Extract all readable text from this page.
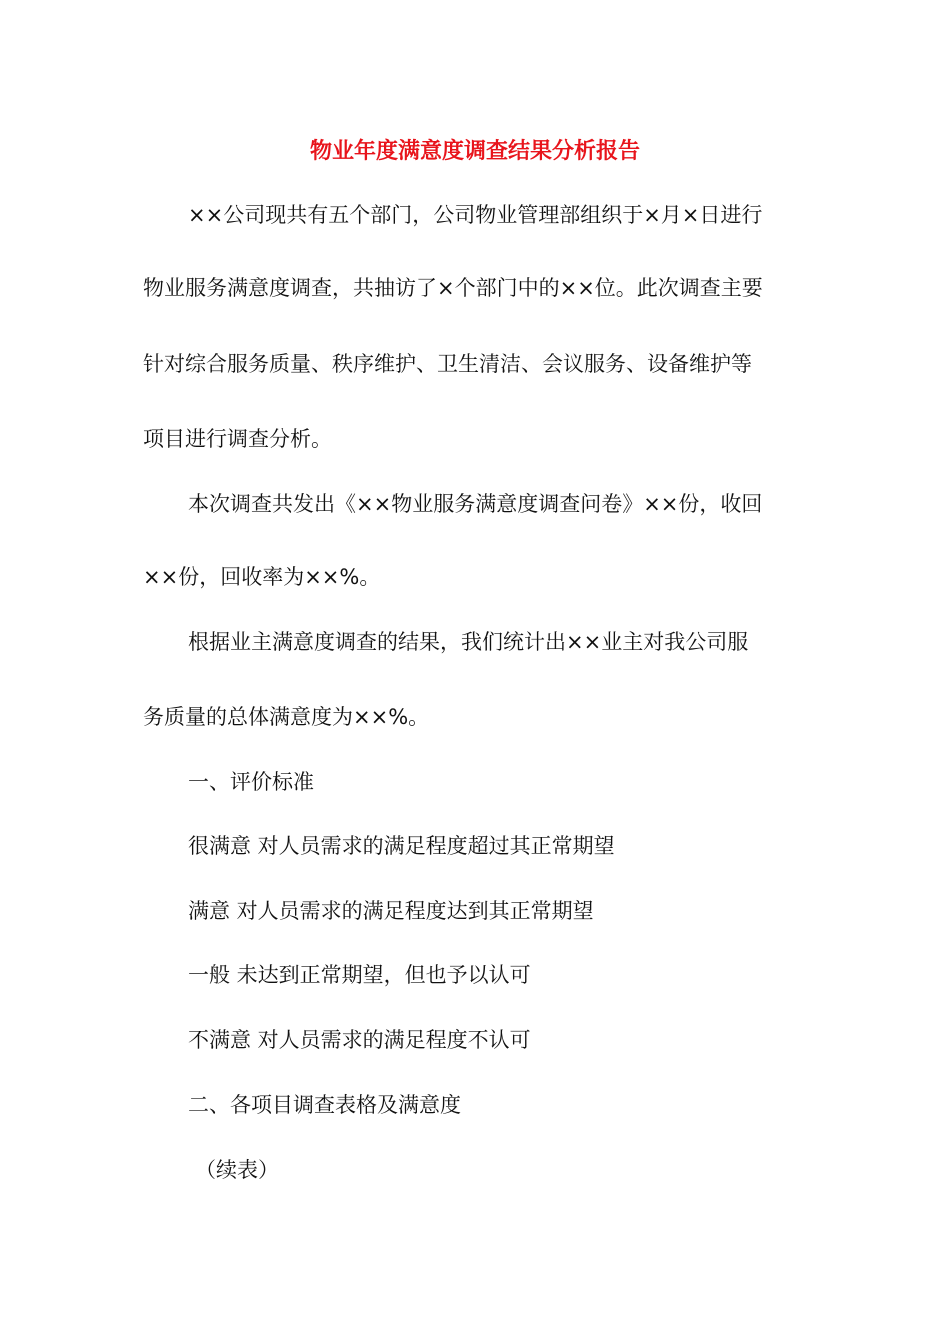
物业年度满意度调查结果分析报告
××公司现共有五个部门，公司物业管理部组织于×月×日进行
物业服务满意度调查，共抽访了×个部门中的××位。此次调查主要
针对综合服务质量、秩序维护、卫生清洁、会议服务、设备维护等
项目进行调查分析。
本次调查共发出《××物业服务满意度调查问卷》××份，收回
××份，回收率为××%。
根据业主满意度调查的结果，我们统计出××业主对我公司服
务质量的总体满意度为××%。
一、评价标准
很满意 对人员需求的满足程度超过其正常期望
满意 对人员需求的满足程度达到其正常期望
一般 未达到正常期望，但也予以认可
不满意 对人员需求的满足程度不认可
二、各项目调查表格及满意度
（续表）
